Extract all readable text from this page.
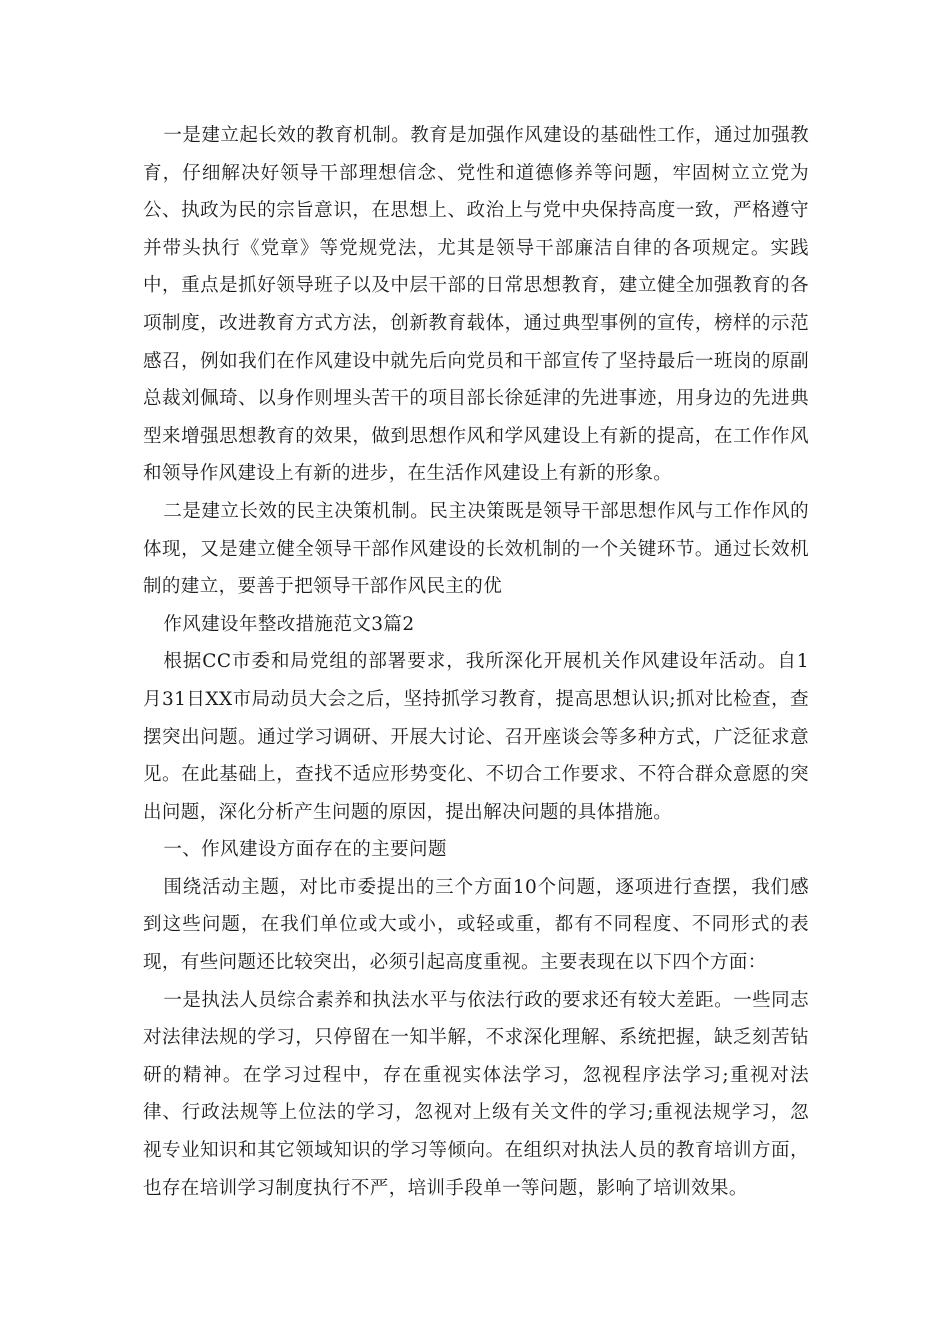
一是建立起长效的教育机制。教育是加强作风建设的基础性工作，通过加强教育，仔细解决好领导干部理想信念、党性和道德修养等问题，牢固树立立党为公、执政为民的宗旨意识，在思想上、政治上与党中央保持高度一致，严格遵守并带头执行《党章》等党规党法，尤其是领导干部廉洁自律的各项规定。实践中，重点是抓好领导班子以及中层干部的日常思想教育，建立健全加强教育的各项制度，改进教育方式方法，创新教育载体，通过典型事例的宣传，榜样的示范感召，例如我们在作风建设中就先后向党员和干部宣传了坚持最后一班岗的原副总裁刘佩琦、以身作则埋头苦干的项目部长徐延津的先进事迹，用身边的先进典型来增强思想教育的效果，做到思想作风和学风建设上有新的提高，在工作作风和领导作风建设上有新的进步，在生活作风建设上有新的形象。

二是建立长效的民主决策机制。民主决策既是领导干部思想作风与工作作风的体现，又是建立健全领导干部作风建设的长效机制的一个关键环节。通过长效机制的建立，要善于把领导干部作风民主的优

作风建设年整改措施范文3篇2

根据CC市委和局党组的部署要求，我所深化开展机关作风建设年活动。自1月31日XX市局动员大会之后，坚持抓学习教育，提高思想认识;抓对比检查，查摆突出问题。通过学习调研、开展大讨论、召开座谈会等多种方式，广泛征求意见。在此基础上，查找不适应形势变化、不切合工作要求、不符合群众意愿的突出问题，深化分析产生问题的原因，提出解决问题的具体措施。

一、作风建设方面存在的主要问题

围绕活动主题，对比市委提出的三个方面10个问题，逐项进行查摆，我们感到这些问题，在我们单位或大或小，或轻或重，都有不同程度、不同形式的表现，有些问题还比较突出，必须引起高度重视。主要表现在以下四个方面：

一是执法人员综合素养和执法水平与依法行政的要求还有较大差距。一些同志对法律法规的学习，只停留在一知半解，不求深化理解、系统把握，缺乏刻苦钻研的精神。在学习过程中，存在重视实体法学习，忽视程序法学习;重视对法律、行政法规等上位法的学习，忽视对上级有关文件的学习;重视法规学习，忽视专业知识和其它领域知识的学习等倾向。在组织对执法人员的教育培训方面，也存在培训学习制度执行不严，培训手段单一等问题，影响了培训效果。
